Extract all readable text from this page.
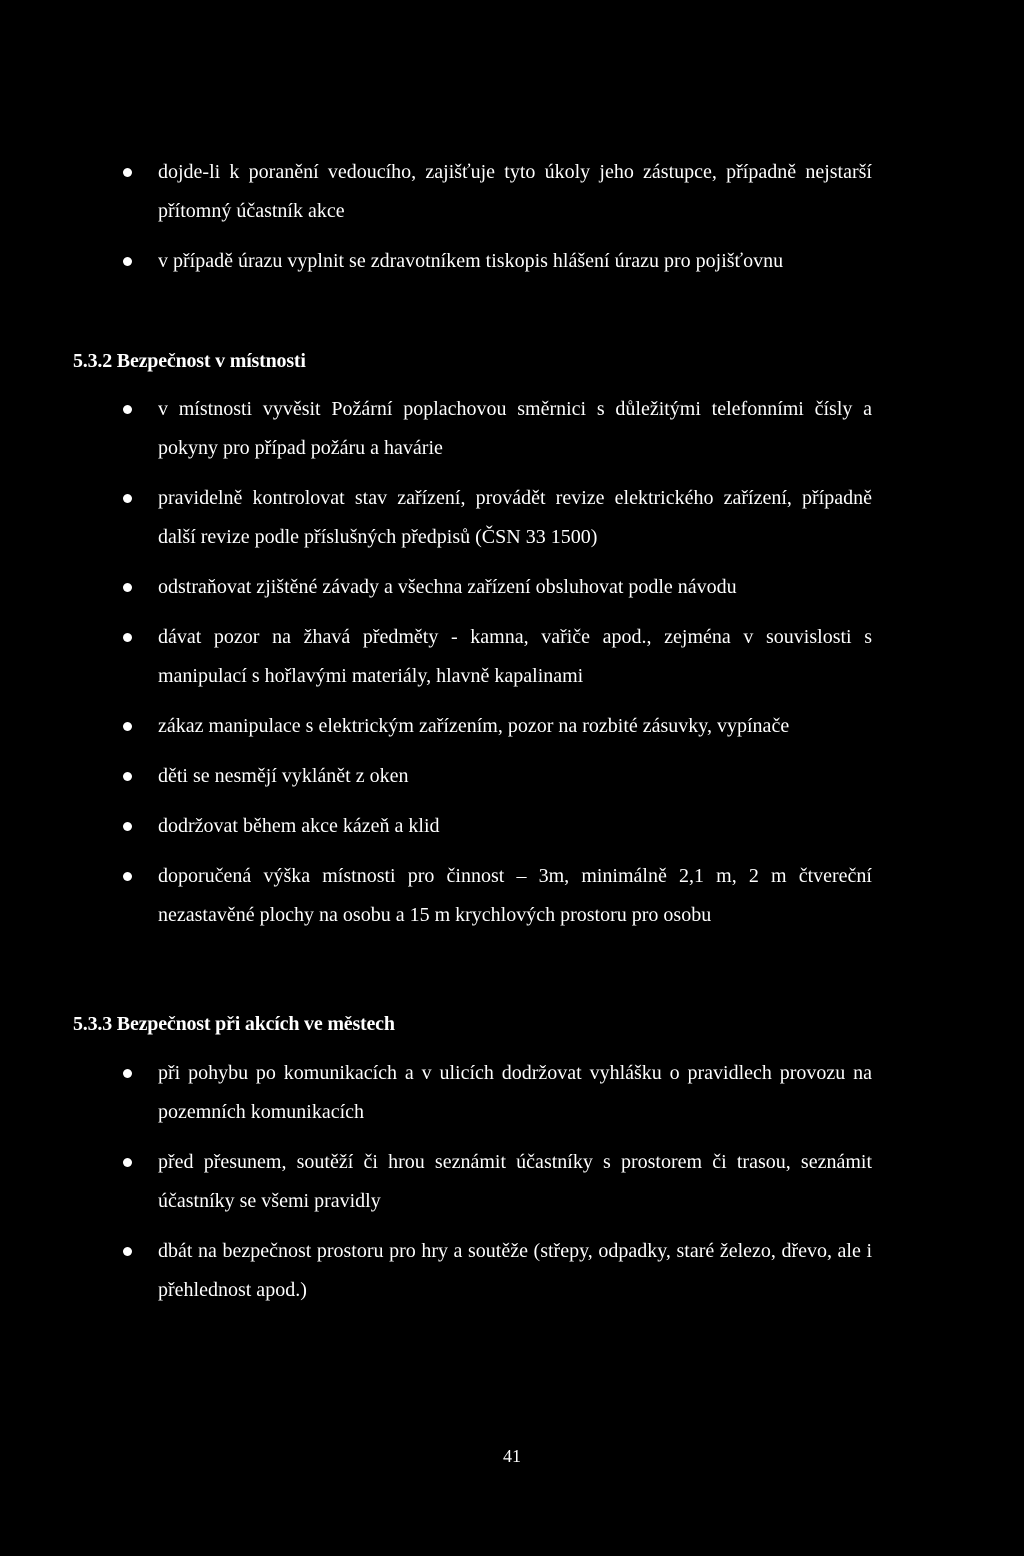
dojde-li k poranění vedoucího, zajišťuje tyto úkoly jeho zástupce, případně nejstarší přítomný účastník akce
v případě úrazu vyplnit se zdravotníkem tiskopis hlášení úrazu pro pojišťovnu
5.3.2 Bezpečnost v místnosti
v místnosti vyvěsit Požární poplachovou směrnici s důležitými telefonními čísly a pokyny pro případ požáru a havárie
pravidelně kontrolovat stav zařízení, provádět revize elektrického zařízení, případně další revize podle příslušných předpisů (ČSN 33 1500)
odstraňovat zjištěné závady a všechna zařízení obsluhovat podle návodu
dávat pozor na žhavá předměty - kamna, vařiče apod., zejména v souvislosti s manipulací s hořlavými materiály, hlavně kapalinami
zákaz manipulace s elektrickým zařízením, pozor na rozbité zásuvky, vypínače
děti se nesmějí vyklánět z oken
dodržovat během akce kázeň a klid
doporučená výška místnosti pro činnost – 3m, minimálně 2,1 m, 2 m čtvereční nezastavěné plochy na osobu a 15 m krychlových prostoru pro osobu
5.3.3 Bezpečnost při akcích ve městech
při pohybu po komunikacích a v ulicích dodržovat vyhlášku o pravidlech provozu na pozemních komunikacích
před přesunem, soutěží či hrou seznámit účastníky s prostorem či trasou, seznámit účastníky se všemi pravidly
dbát na bezpečnost prostoru pro hry a soutěže (střepy, odpadky, staré železo, dřevo, ale i přehlednost apod.)
41
